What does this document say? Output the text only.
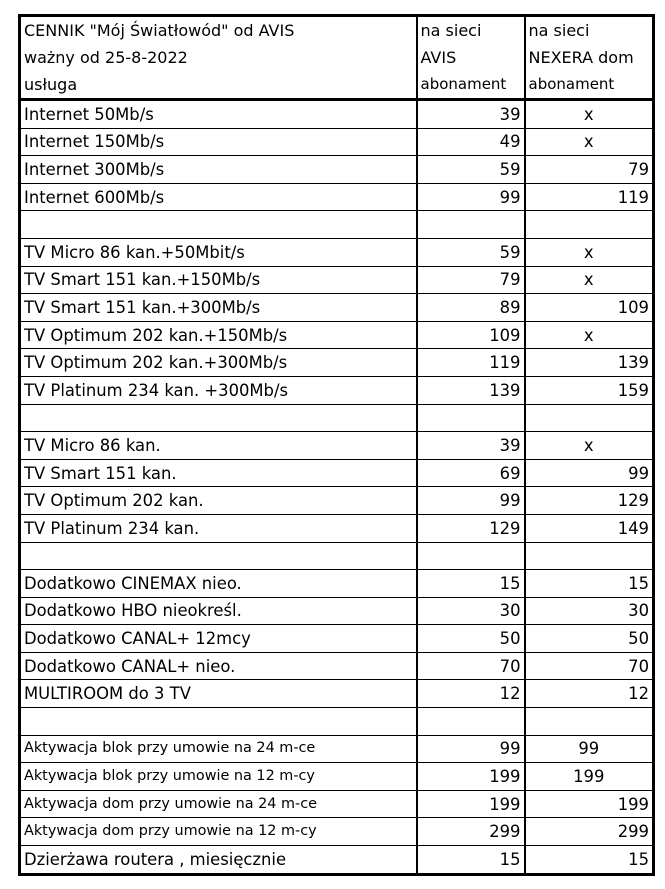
CENNIK "Mój Światłowód" od AVIS	na sieci	na sieci
ważny od 25-8-2022	AVIS	NEXERA dom
usługa	abonament	abonament
Internet 50Mb/s	39	x
Internet 150Mb/s	49	x
Internet 300Mb/s	59	79
Internet 600Mb/s	99	119

TV Micro 86 kan.+50Mbit/s	59	x
TV Smart 151 kan.+150Mb/s	79	x
TV Smart 151 kan.+300Mb/s	89	109
TV Optimum 202 kan.+150Mb/s	109	x
TV Optimum 202 kan.+300Mb/s	119	139
TV Platinum 234 kan. +300Mb/s	139	159

TV Micro 86 kan.	39	x
TV Smart 151 kan.	69	99
TV Optimum 202 kan.	99	129
TV Platinum 234 kan.	129	149

Dodatkowo CINEMAX nieo.	15	15
Dodatkowo HBO nieokreśl.	30	30
Dodatkowo CANAL+ 12mcy	50	50
Dodatkowo CANAL+ nieo.	70	70
MULTIROOM do 3 TV	12	12

Aktywacja blok przy umowie na 24 m-ce	99	99
Aktywacja blok przy umowie na 12 m-cy	199	199
Aktywacja dom przy umowie na 24 m-ce	199	199
Aktywacja dom przy umowie na 12 m-cy	299	299
Dzierżawa routera , miesięcznie	15	15
